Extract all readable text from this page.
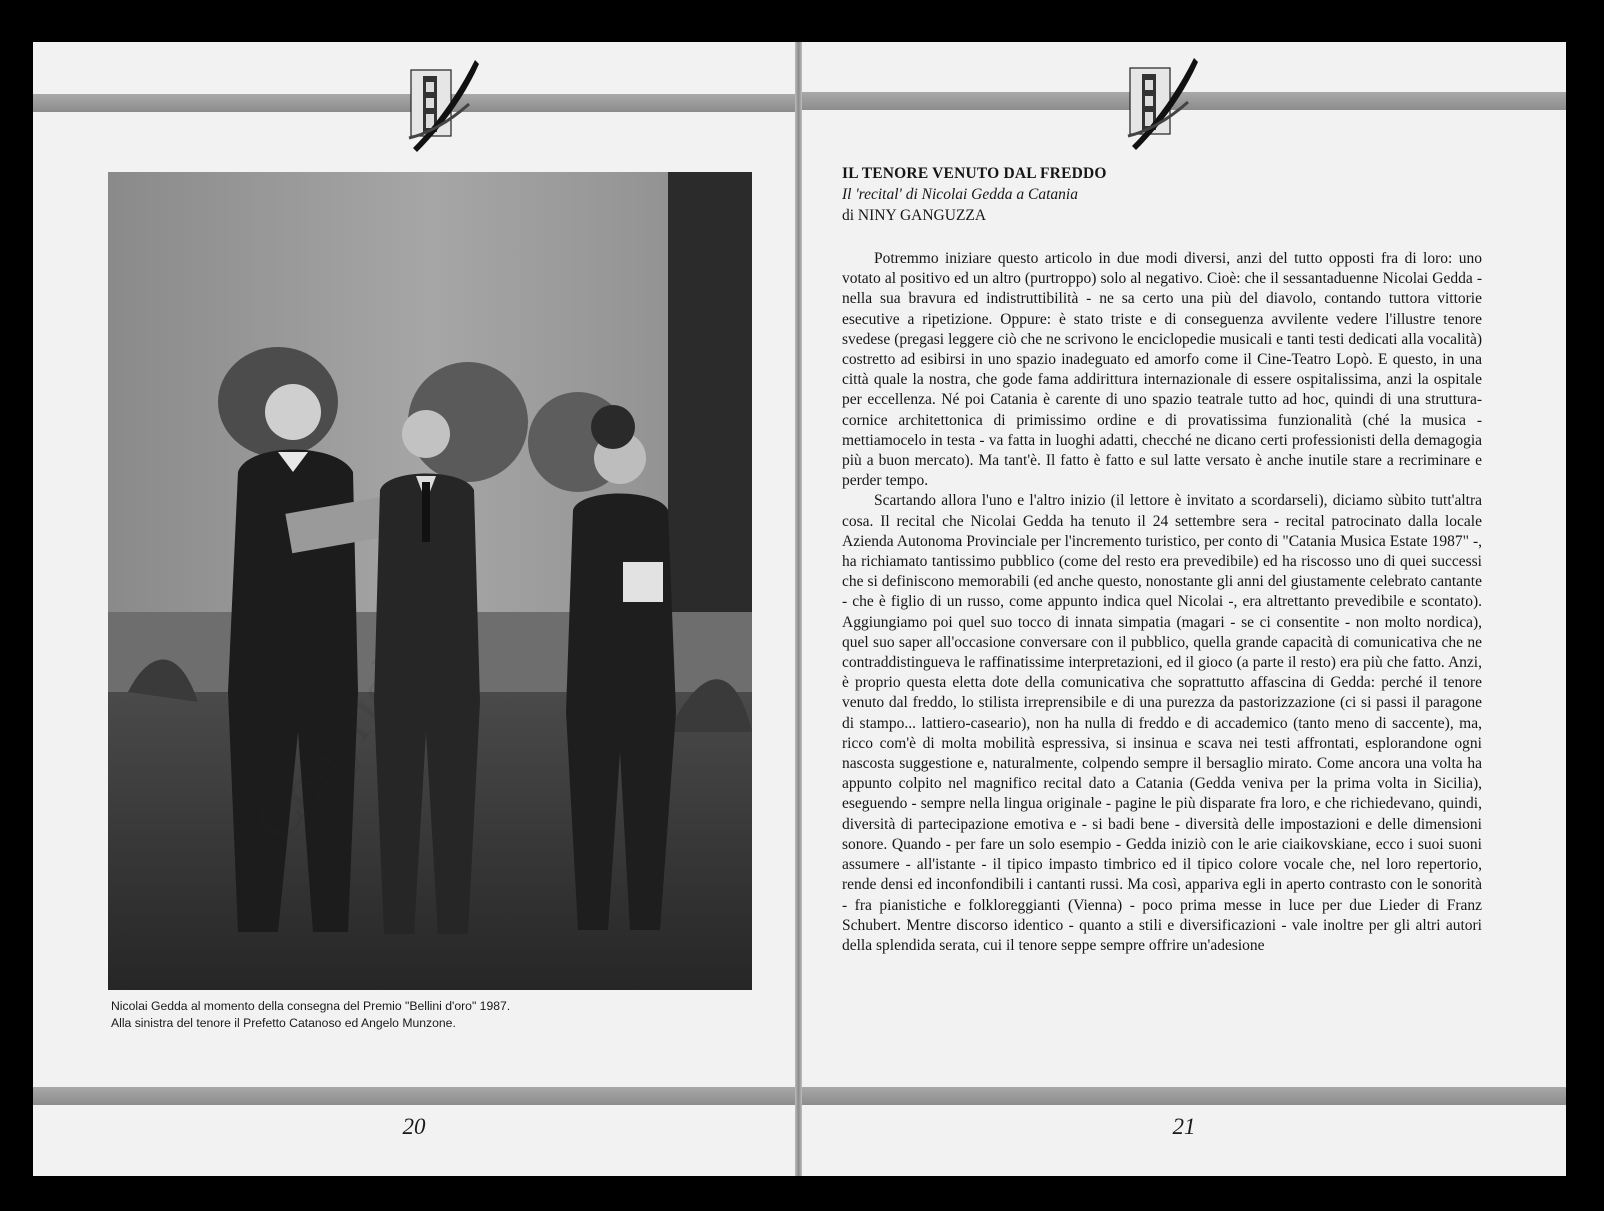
Nicolai Gedda al momento della consegna del Premio "Bellini d'oro" 1987.
Alla sinistra del tenore il Prefetto Catanoso ed Angelo Munzone.
20
IL TENORE VENUTO DAL FREDDO
Il 'recital' di Nicolai Gedda a Catania
di NINY GANGUZZA

Potremmo iniziare questo articolo in due modi diversi, anzi del tutto opposti fra di loro: uno votato al positivo ed un altro (purtroppo) solo al negativo. Cioè: che il sessantaduenne Nicolai Gedda - nella sua bravura ed indistruttibilità - ne sa certo una più del diavolo, contando tuttora vittorie esecutive a ripetizione. Oppure: è stato triste e di conseguenza avvilente vedere l'illustre tenore svedese (pregasi leggere ciò che ne scrivono le enciclopedie musicali e tanti testi dedicati alla vocalità) costretto ad esibirsi in uno spazio inadeguato ed amorfo come il Cine-Teatro Lopò. E questo, in una città quale la nostra, che gode fama addirittura internazionale di essere ospitalissima, anzi la ospitale per eccellenza. Né poi Catania è carente di uno spazio teatrale tutto ad hoc, quindi di una struttura-cornice architettonica di primissimo ordine e di provatissima funzionalità (ché la musica - mettiamocelo in testa - va fatta in luoghi adatti, checché ne dicano certi professionisti della demagogia più a buon mercato). Ma tant'è. Il fatto è fatto e sul latte versato è anche inutile stare a recriminare e perder tempo.

Scartando allora l'uno e l'altro inizio (il lettore è invitato a scordarseli), diciamo sùbito tutt'altra cosa. Il recital che Nicolai Gedda ha tenuto il 24 settembre sera - recital patrocinato dalla locale Azienda Autonoma Provinciale per l'incremento turistico, per conto di "Catania Musica Estate 1987" -, ha richiamato tantissimo pubblico (come del resto era prevedibile) ed ha riscosso uno di quei successi che si definiscono memorabili (ed anche questo, nonostante gli anni del giustamente celebrato cantante - che è figlio di un russo, come appunto indica quel Nicolai -, era altrettanto prevedibile e scontato). Aggiungiamo poi quel suo tocco di innata simpatia (magari - se ci consentite - non molto nordica), quel suo saper all'occasione conversare con il pubblico, quella grande capacità di comunicativa che ne contraddistingueva le raffinatissime interpretazioni, ed il gioco (a parte il resto) era più che fatto. Anzi, è proprio questa eletta dote della comunicativa che soprattutto affascina di Gedda: perché il tenore venuto dal freddo, lo stilista irreprensibile e di una purezza da pastorizzazione (ci si passi il paragone di stampo... lattiero-caseario), non ha nulla di freddo e di accademico (tanto meno di saccente), ma, ricco com'è di molta mobilità espressiva, si insinua e scava nei testi affrontati, esplorandone ogni nascosta suggestione e, naturalmente, colpendo sempre il bersaglio mirato. Come ancora una volta ha appunto colpito nel magnifico recital dato a Catania (Gedda veniva per la prima volta in Sicilia), eseguendo - sempre nella lingua originale - pagine le più disparate fra loro, e che richiedevano, quindi, diversità di partecipazione emotiva e - si badi bene - diversità delle impostazioni e delle dimensioni sonore. Quando - per fare un solo esempio - Gedda iniziò con le arie ciaikovskiane, ecco i suoi suoni assumere - all'istante - il tipico impasto timbrico ed il tipico colore vocale che, nel loro repertorio, rende densi ed inconfondibili i cantanti russi. Ma così, appariva egli in aperto contrasto con le sonorità - fra pianistiche e folkloreggianti (Vienna) - poco prima messe in luce per due Lieder di Franz Schubert. Mentre discorso identico - quanto a stili e diversificazioni - vale inoltre per gli altri autori della splendida serata, cui il tenore seppe sempre offrire un'adesione

21
